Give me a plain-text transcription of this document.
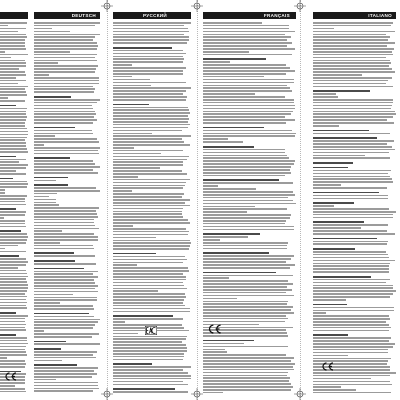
DEUTSCH	РУССКИЙ	FRANÇAIS	ITALIANO
